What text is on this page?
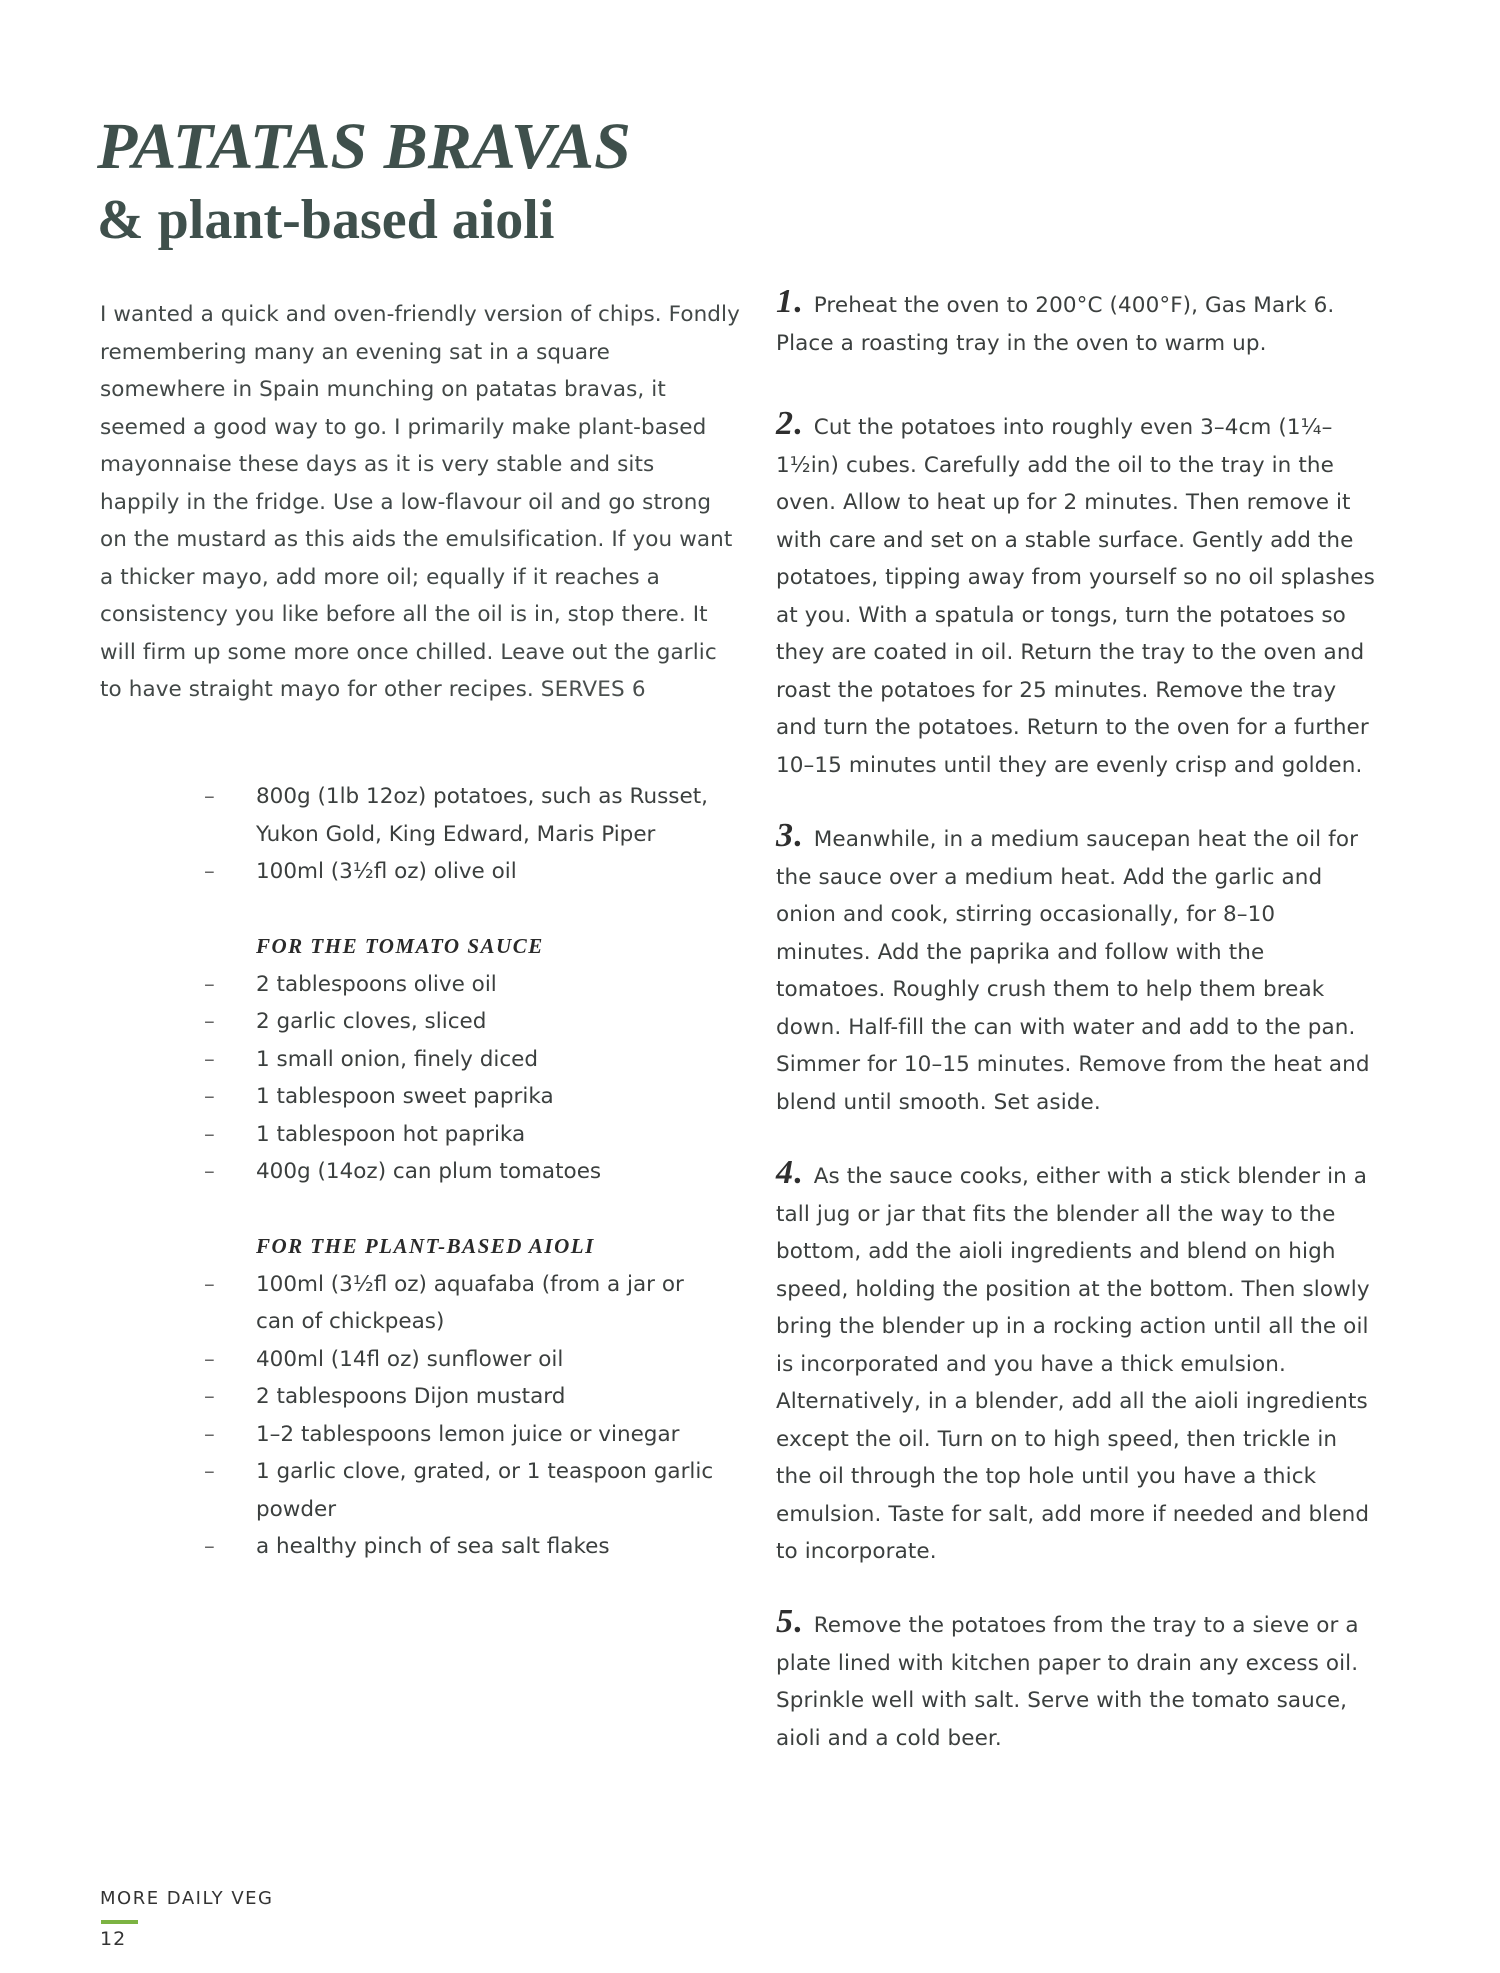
PATATAS BRAVAS
& plant-based aioli

I wanted a quick and oven-friendly version of chips. Fondly remembering many an evening sat in a square somewhere in Spain munching on patatas bravas, it seemed a good way to go. I primarily make plant-based mayonnaise these days as it is very stable and sits happily in the fridge. Use a low-flavour oil and go strong on the mustard as this aids the emulsification. If you want a thicker mayo, add more oil; equally if it reaches a consistency you like before all the oil is in, stop there. It will firm up some more once chilled. Leave out the garlic to have straight mayo for other recipes. SERVES 6

– 800g (1lb 12oz) potatoes, such as Russet, Yukon Gold, King Edward, Maris Piper
– 100ml (3½fl oz) olive oil
FOR THE TOMATO SAUCE
– 2 tablespoons olive oil
– 2 garlic cloves, sliced
– 1 small onion, finely diced
– 1 tablespoon sweet paprika
– 1 tablespoon hot paprika
– 400g (14oz) can plum tomatoes
FOR THE PLANT-BASED AIOLI
– 100ml (3½fl oz) aquafaba (from a jar or can of chickpeas)
– 400ml (14fl oz) sunflower oil
– 2 tablespoons Dijon mustard
– 1–2 tablespoons lemon juice or vinegar
– 1 garlic clove, grated, or 1 teaspoon garlic powder
– a healthy pinch of sea salt flakes
1. Preheat the oven to 200°C (400°F), Gas Mark 6. Place a roasting tray in the oven to warm up.
2. Cut the potatoes into roughly even 3–4cm (1¼–1½in) cubes. Carefully add the oil to the tray in the oven. Allow to heat up for 2 minutes. Then remove it with care and set on a stable surface. Gently add the potatoes, tipping away from yourself so no oil splashes at you. With a spatula or tongs, turn the potatoes so they are coated in oil. Return the tray to the oven and roast the potatoes for 25 minutes. Remove the tray and turn the potatoes. Return to the oven for a further 10–15 minutes until they are evenly crisp and golden.
3. Meanwhile, in a medium saucepan heat the oil for the sauce over a medium heat. Add the garlic and onion and cook, stirring occasionally, for 8–10 minutes. Add the paprika and follow with the tomatoes. Roughly crush them to help them break down. Half-fill the can with water and add to the pan. Simmer for 10–15 minutes. Remove from the heat and blend until smooth. Set aside.
4. As the sauce cooks, either with a stick blender in a tall jug or jar that fits the blender all the way to the bottom, add the aioli ingredients and blend on high speed, holding the position at the bottom. Then slowly bring the blender up in a rocking action until all the oil is incorporated and you have a thick emulsion. Alternatively, in a blender, add all the aioli ingredients except the oil. Turn on to high speed, then trickle in the oil through the top hole until you have a thick emulsion. Taste for salt, add more if needed and blend to incorporate.
5. Remove the potatoes from the tray to a sieve or a plate lined with kitchen paper to drain any excess oil. Sprinkle well with salt. Serve with the tomato sauce, aioli and a cold beer.
MORE DAILY VEG
12
